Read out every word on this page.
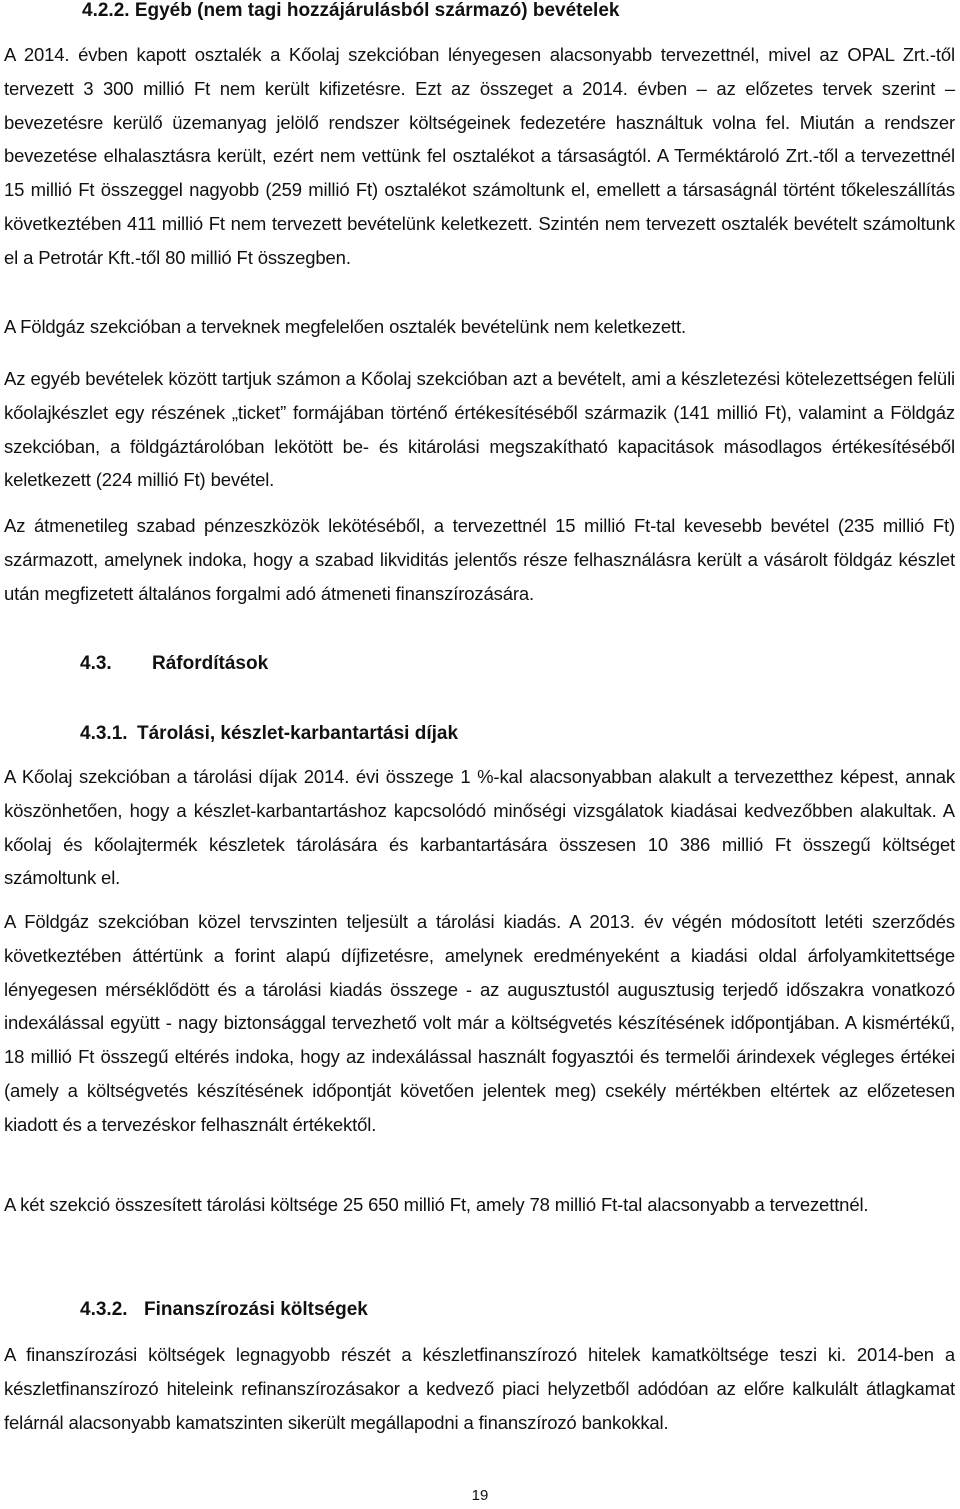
4.2.2. Egyéb (nem tagi hozzájárulásból származó) bevételek

A 2014. évben kapott osztalék a Kőolaj szekcióban lényegesen alacsonyabb tervezettnél, mivel az OPAL Zrt.-től tervezett 3 300 millió Ft nem került kifizetésre. Ezt az összeget a 2014. évben – az előzetes tervek szerint – bevezetésre kerülő üzemanyag jelölő rendszer költségeinek fedezetére használtuk volna fel. Miután a rendszer bevezetése elhalasztásra került, ezért nem vettünk fel osztalékot a társaságtól. A Terméktároló Zrt.-től a tervezettnél 15 millió Ft összeggel nagyobb (259 millió Ft) osztalékot számoltunk el, emellett a társaságnál történt tőkeleszállítás következtében 411 millió Ft nem tervezett bevételünk keletkezett. Szintén nem tervezett osztalék bevételt számoltunk el a Petrotár Kft.-től 80 millió Ft összegben.

A Földgáz szekcióban a terveknek megfelelően osztalék bevételünk nem keletkezett.

Az egyéb bevételek között tartjuk számon a Kőolaj szekcióban azt a bevételt, ami a készletezési kötelezettségen felüli kőolajkészlet egy részének „ticket” formájában történő értékesítéséből származik (141 millió Ft), valamint a Földgáz szekcióban, a földgáztárolóban lekötött be- és kitárolási megszakítható kapacitások másodlagos értékesítéséből keletkezett (224 millió Ft) bevétel.

Az átmenetileg szabad pénzeszközök lekötéséből, a tervezettnél 15 millió Ft-tal kevesebb bevétel (235 millió Ft) származott, amelynek indoka, hogy a szabad likviditás jelentős része felhasználásra került a vásárolt földgáz készlet után megfizetett általános forgalmi adó átmeneti finanszírozására.

4.3. Ráfordítások
4.3.1. Tárolási, készlet-karbantartási díjak

A Kőolaj szekcióban a tárolási díjak 2014. évi összege 1 %-kal alacsonyabban alakult a tervezetthez képest, annak köszönhetően, hogy a készlet-karbantartáshoz kapcsolódó minőségi vizsgálatok kiadásai kedvezőbben alakultak. A kőolaj és kőolajtermék készletek tárolására és karbantartására összesen 10 386 millió Ft összegű költséget számoltunk el.

A Földgáz szekcióban közel tervszinten teljesült a tárolási kiadás. A 2013. év végén módosított letéti szerződés következtében áttértünk a forint alapú díjfizetésre, amelynek eredményeként a kiadási oldal árfolyamkitettsége lényegesen mérséklődött és a tárolási kiadás összege - az augusztustól augusztusig terjedő időszakra vonatkozó indexálással együtt - nagy biztonsággal tervezhető volt már a költségvetés készítésének időpontjában. A kismértékű, 18 millió Ft összegű eltérés indoka, hogy az indexálással használt fogyasztói és termelői árindexek végleges értékei (amely a költségvetés készítésének időpontját követően jelentek meg) csekély mértékben eltértek az előzetesen kiadott és a tervezéskor felhasznált értékektől.

A két szekció összesített tárolási költsége 25 650 millió Ft, amely 78 millió Ft-tal alacsonyabb a tervezettnél.

4.3.2. Finanszírozási költségek

A finanszírozási költségek legnagyobb részét a készletfinanszírozó hitelek kamatköltsége teszi ki. 2014-ben a készletfinanszírozó hiteleink refinanszírozásakor a kedvező piaci helyzetből adódóan az előre kalkulált átlagkamat felárnál alacsonyabb kamatszinten sikerült megállapodni a finanszírozó bankokkal.

19
